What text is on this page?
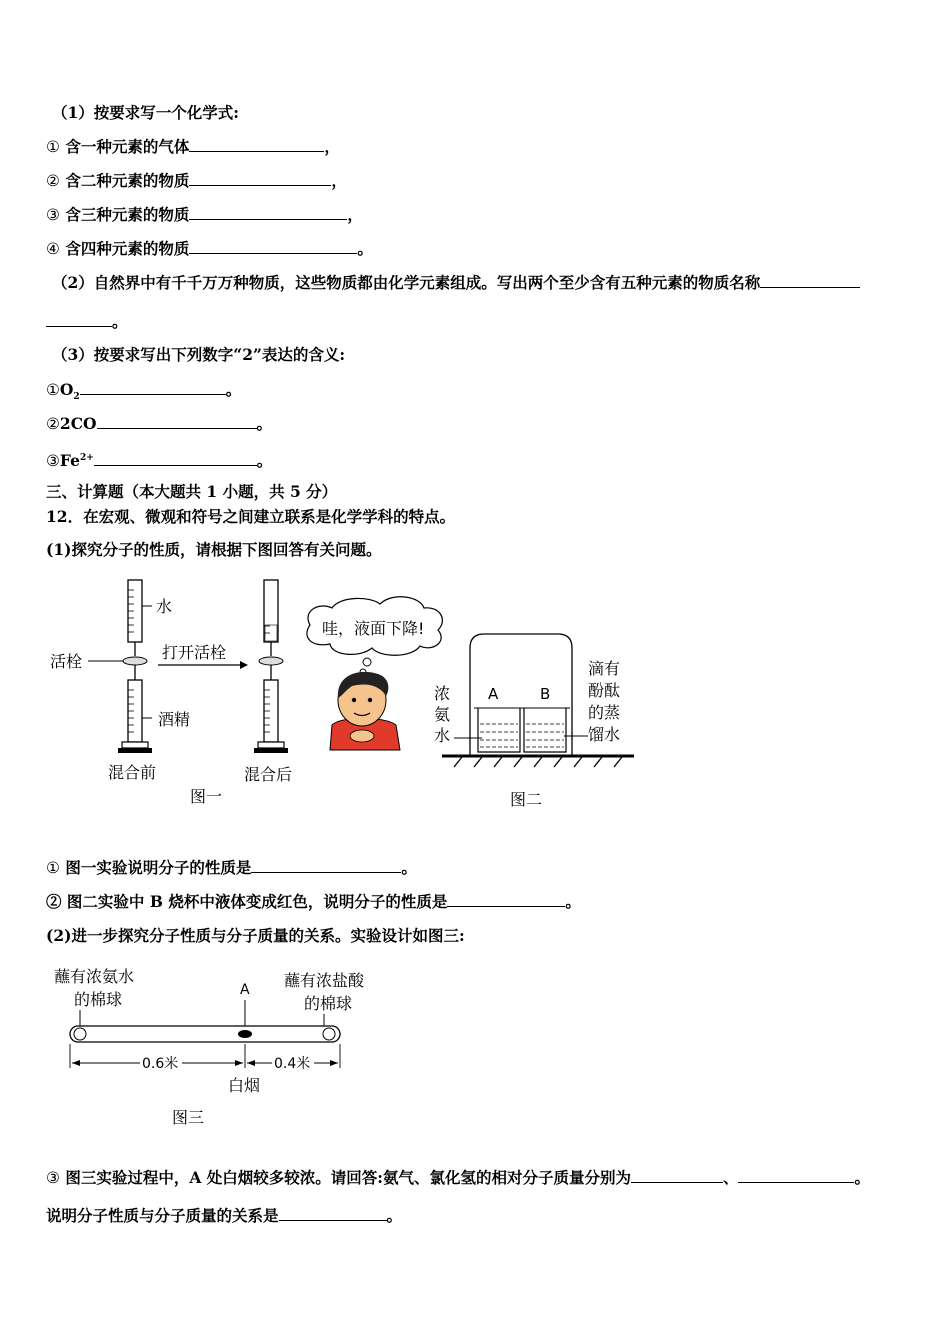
（1）按要求写一个化学式:
① 含一种元素的气体	，
② 含二种元素的物质	，
③ 含三种元素的物质	，
④ 含四种元素的物质	。
（2）自然界中有千千万万种物质，这些物质都由化学元素组成。写出两个至少含有五种元素的物质名称
。
（3）按要求写出下列数字“2”表达的含义:
$①O_2$	。
②2CO	。
$③Fe^{2+}$	。
三、计算题（本大题共 1 小题，共 5 分）
12．在宏观、微观和符号之间建立联系是化学学科的特点。
(1)探究分子的性质，请根据下图回答有关问题。
水
活栓
酒精
混合前
打开活栓
混合后
图一
哇，液面下降!
A	B
浓
氨
水
滴有
酚酞
的蒸
馏水
图二
① 图一实验说明分子的性质是	。
② 图二实验中 B 烧杯中液体变成红色，说明分子的性质是	。
(2)进一步探究分子性质与分子质量的关系。实验设计如图三:
蘸有浓氨水
的棉球
蘸有浓盐酸
的棉球
A
0.6米	0.4米
白烟
图三
③ 图三实验过程中，A 处白烟较多较浓。请回答:氨气、氯化氢的相对分子质量分别为	、	。
说明分子性质与分子质量的关系是	。
